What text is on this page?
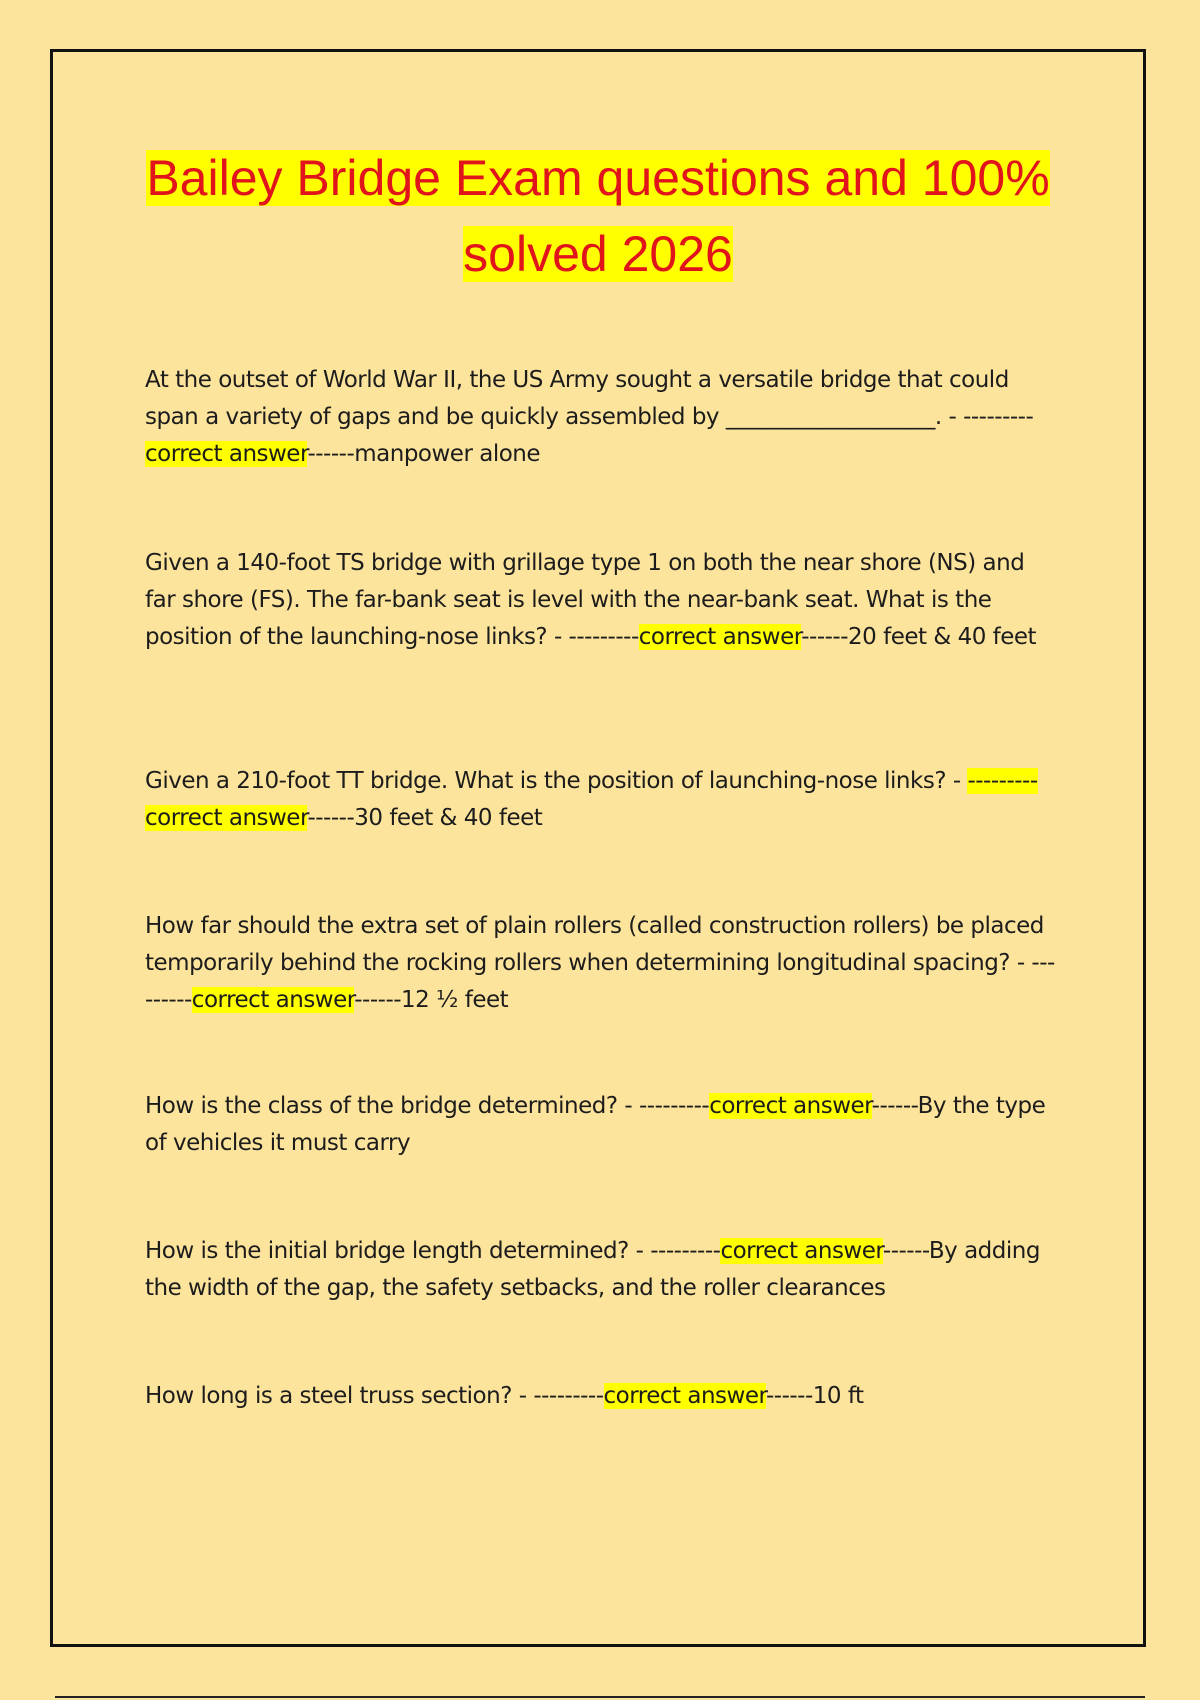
Bailey Bridge Exam questions and 100%
solved 2026

At the outset of World War II, the US Army sought a versatile bridge that could span a variety of gaps and be quickly assembled by ___________________. - ---------correct answer------manpower alone

Given a 140-foot TS bridge with grillage type 1 on both the near shore (NS) and far shore (FS). The far-bank seat is level with the near-bank seat. What is the position of the launching-nose links? - ---------correct answer------20 feet & 40 feet

Given a 210-foot TT bridge. What is the position of launching-nose links? - ---------correct answer------30 feet & 40 feet

How far should the extra set of plain rollers (called construction rollers) be placed temporarily behind the rocking rollers when determining longitudinal spacing? - ---------correct answer------12 ½ feet

How is the class of the bridge determined? - ---------correct answer------By the type of vehicles it must carry

How is the initial bridge length determined? - ---------correct answer------By adding the width of the gap, the safety setbacks, and the roller clearances

How long is a steel truss section? - ---------correct answer------10 ft
